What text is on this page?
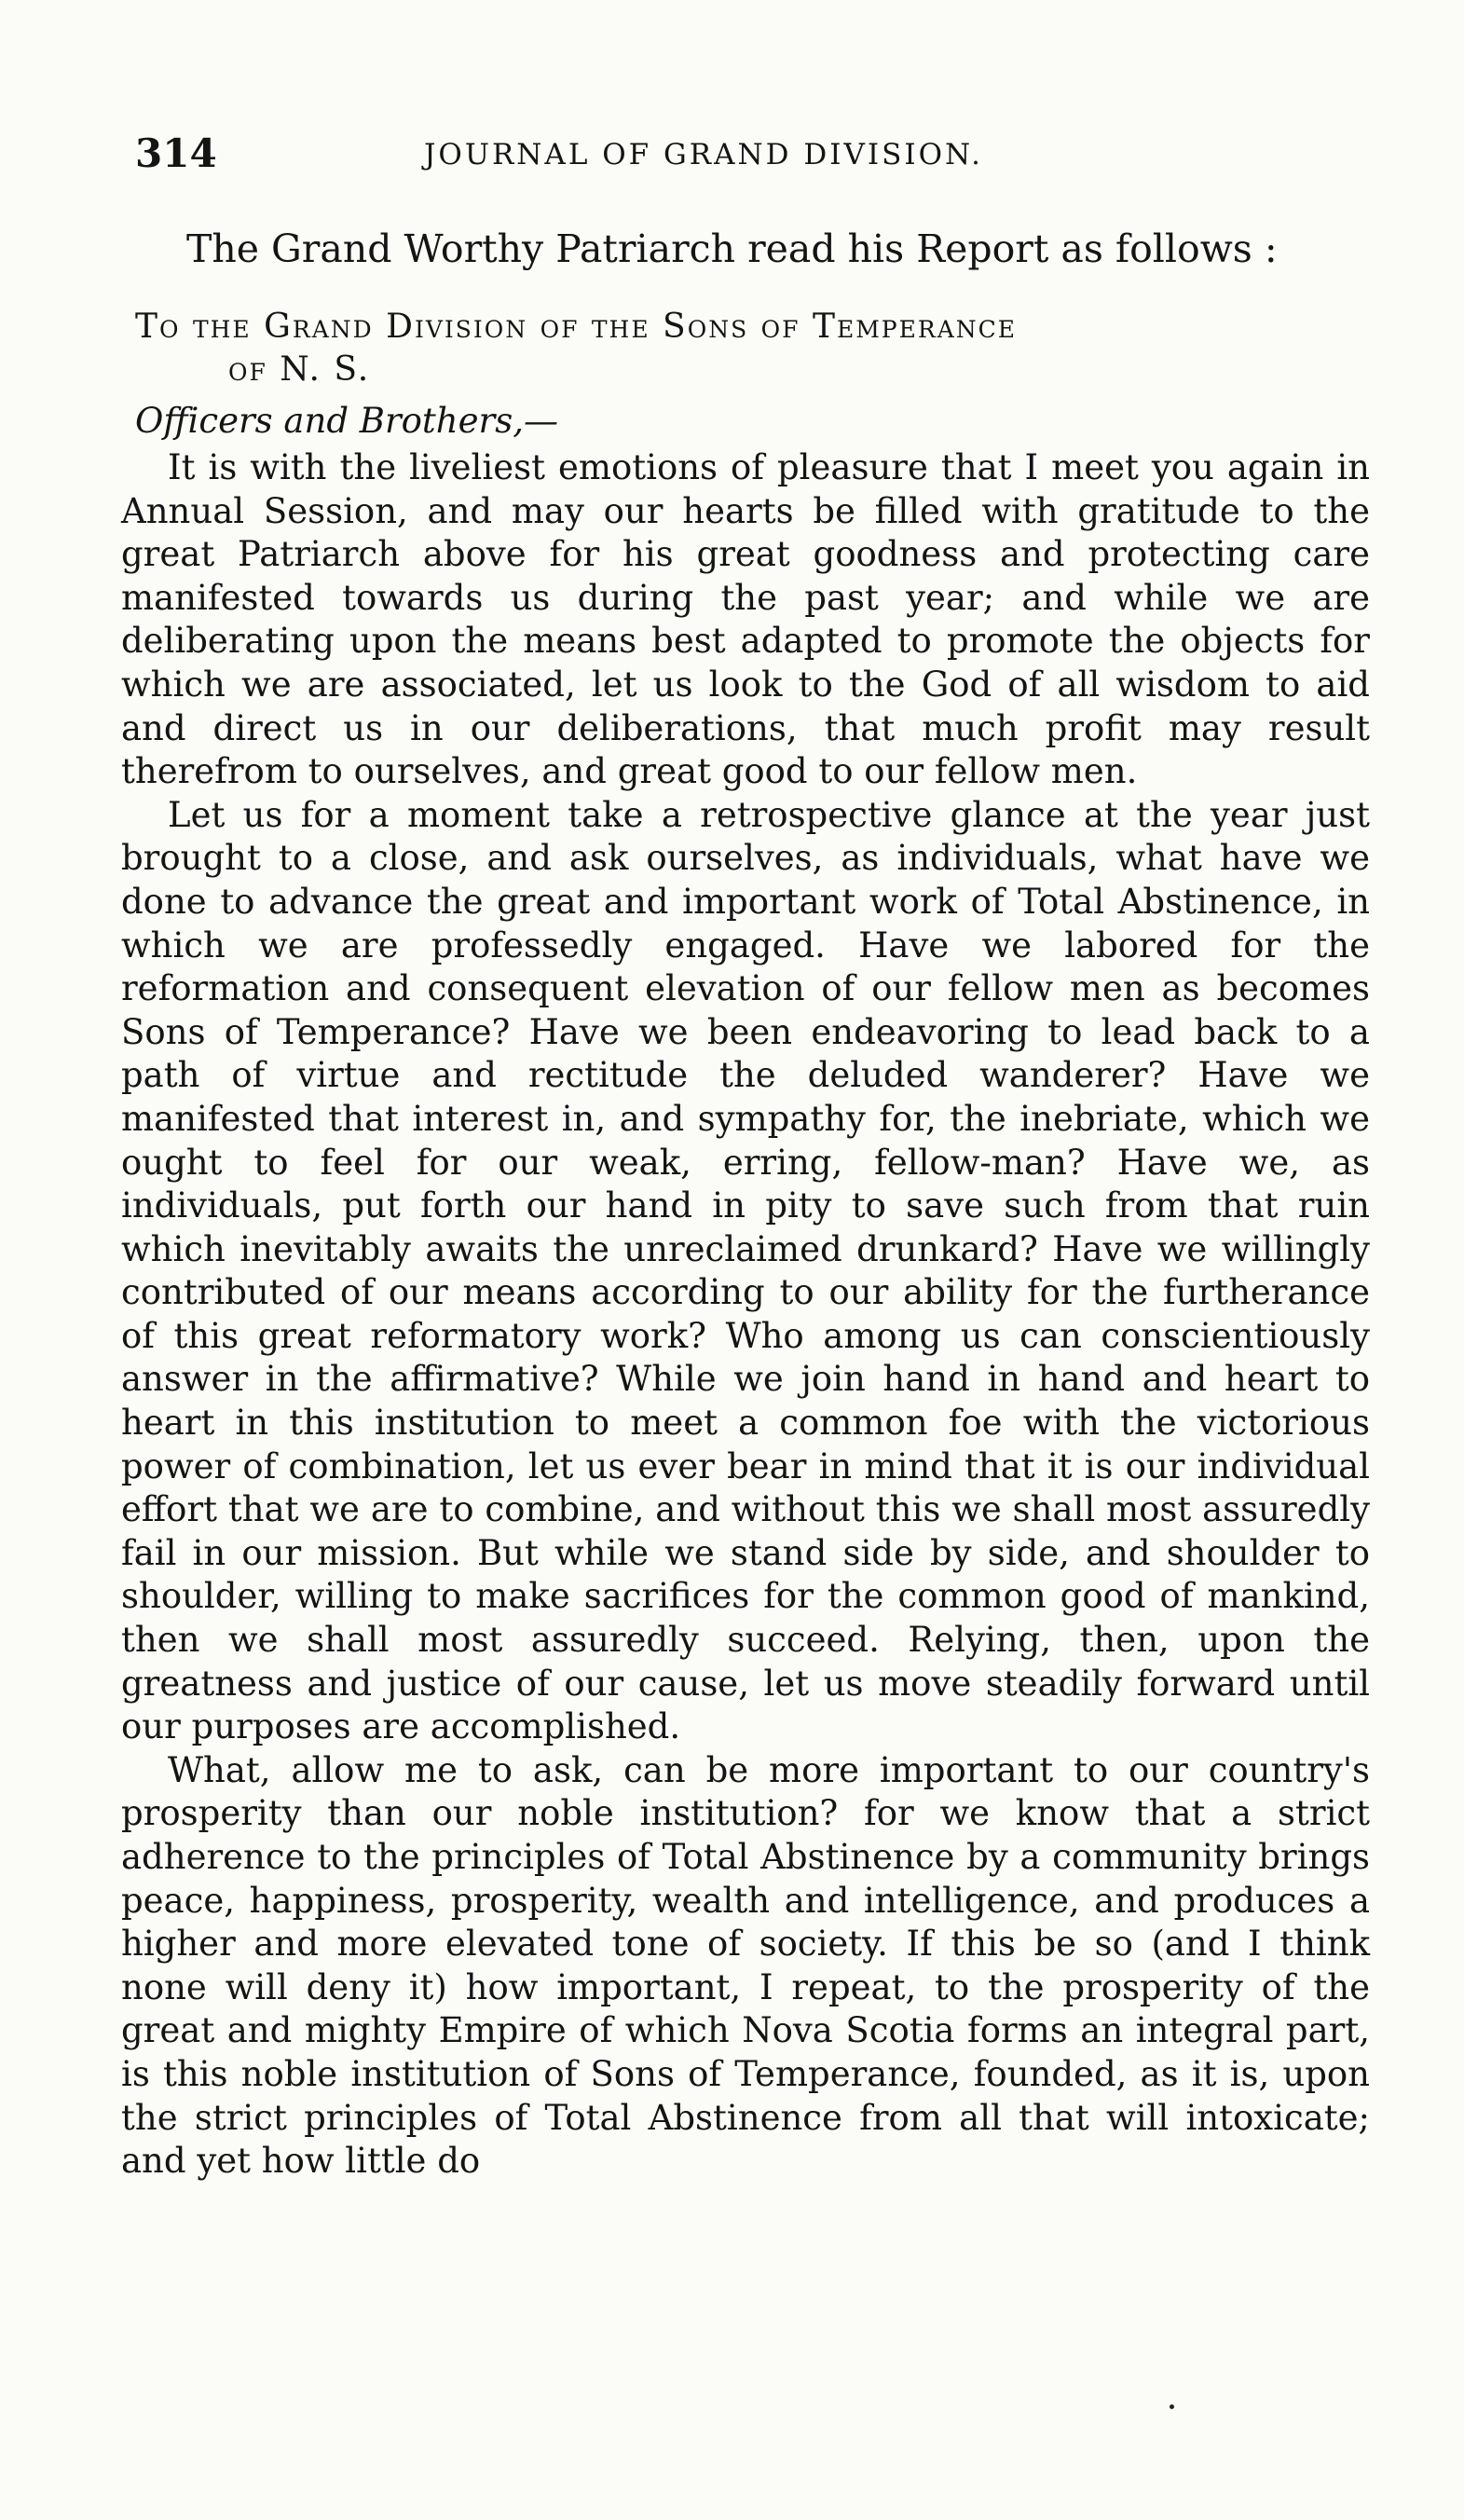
314	JOURNAL OF GRAND DIVISION.
The Grand Worthy Patriarch read his Report as follows :
To the Grand Division of the Sons of Temperance
of N. S.
Officers and Brothers,—

It is with the liveliest emotions of pleasure that I meet you again in Annual Session, and may our hearts be filled with gratitude to the great Patriarch above for his great goodness and protecting care manifested towards us during the past year; and while we are deliberating upon the means best adapted to promote the objects for which we are associated, let us look to the God of all wisdom to aid and direct us in our deliberations, that much profit may result therefrom to ourselves, and great good to our fellow men.

Let us for a moment take a retrospective glance at the year just brought to a close, and ask ourselves, as individuals, what have we done to advance the great and important work of Total Abstinence, in which we are professedly engaged. Have we labored for the reformation and consequent elevation of our fellow men as becomes Sons of Temperance? Have we been endeavoring to lead back to a path of virtue and rectitude the deluded wanderer? Have we manifested that interest in, and sympathy for, the inebriate, which we ought to feel for our weak, erring, fellow-man? Have we, as individuals, put forth our hand in pity to save such from that ruin which inevitably awaits the unreclaimed drunkard? Have we willingly contributed of our means according to our ability for the furtherance of this great reformatory work? Who among us can conscientiously answer in the affirmative? While we join hand in hand and heart to heart in this institution to meet a common foe with the victorious power of combination, let us ever bear in mind that it is our individual effort that we are to combine, and without this we shall most assuredly fail in our mission. But while we stand side by side, and shoulder to shoulder, willing to make sacrifices for the common good of mankind, then we shall most assuredly succeed. Relying, then, upon the greatness and justice of our cause, let us move steadily forward until our purposes are accomplished.

What, allow me to ask, can be more important to our country's prosperity than our noble institution? for we know that a strict adherence to the principles of Total Abstinence by a community brings peace, happiness, prosperity, wealth and intelligence, and produces a higher and more elevated tone of society. If this be so (and I think none will deny it) how important, I repeat, to the prosperity of the great and mighty Empire of which Nova Scotia forms an integral part, is this noble institution of Sons of Temperance, founded, as it is, upon the strict principles of Total Abstinence from all that will intoxicate; and yet how little do
